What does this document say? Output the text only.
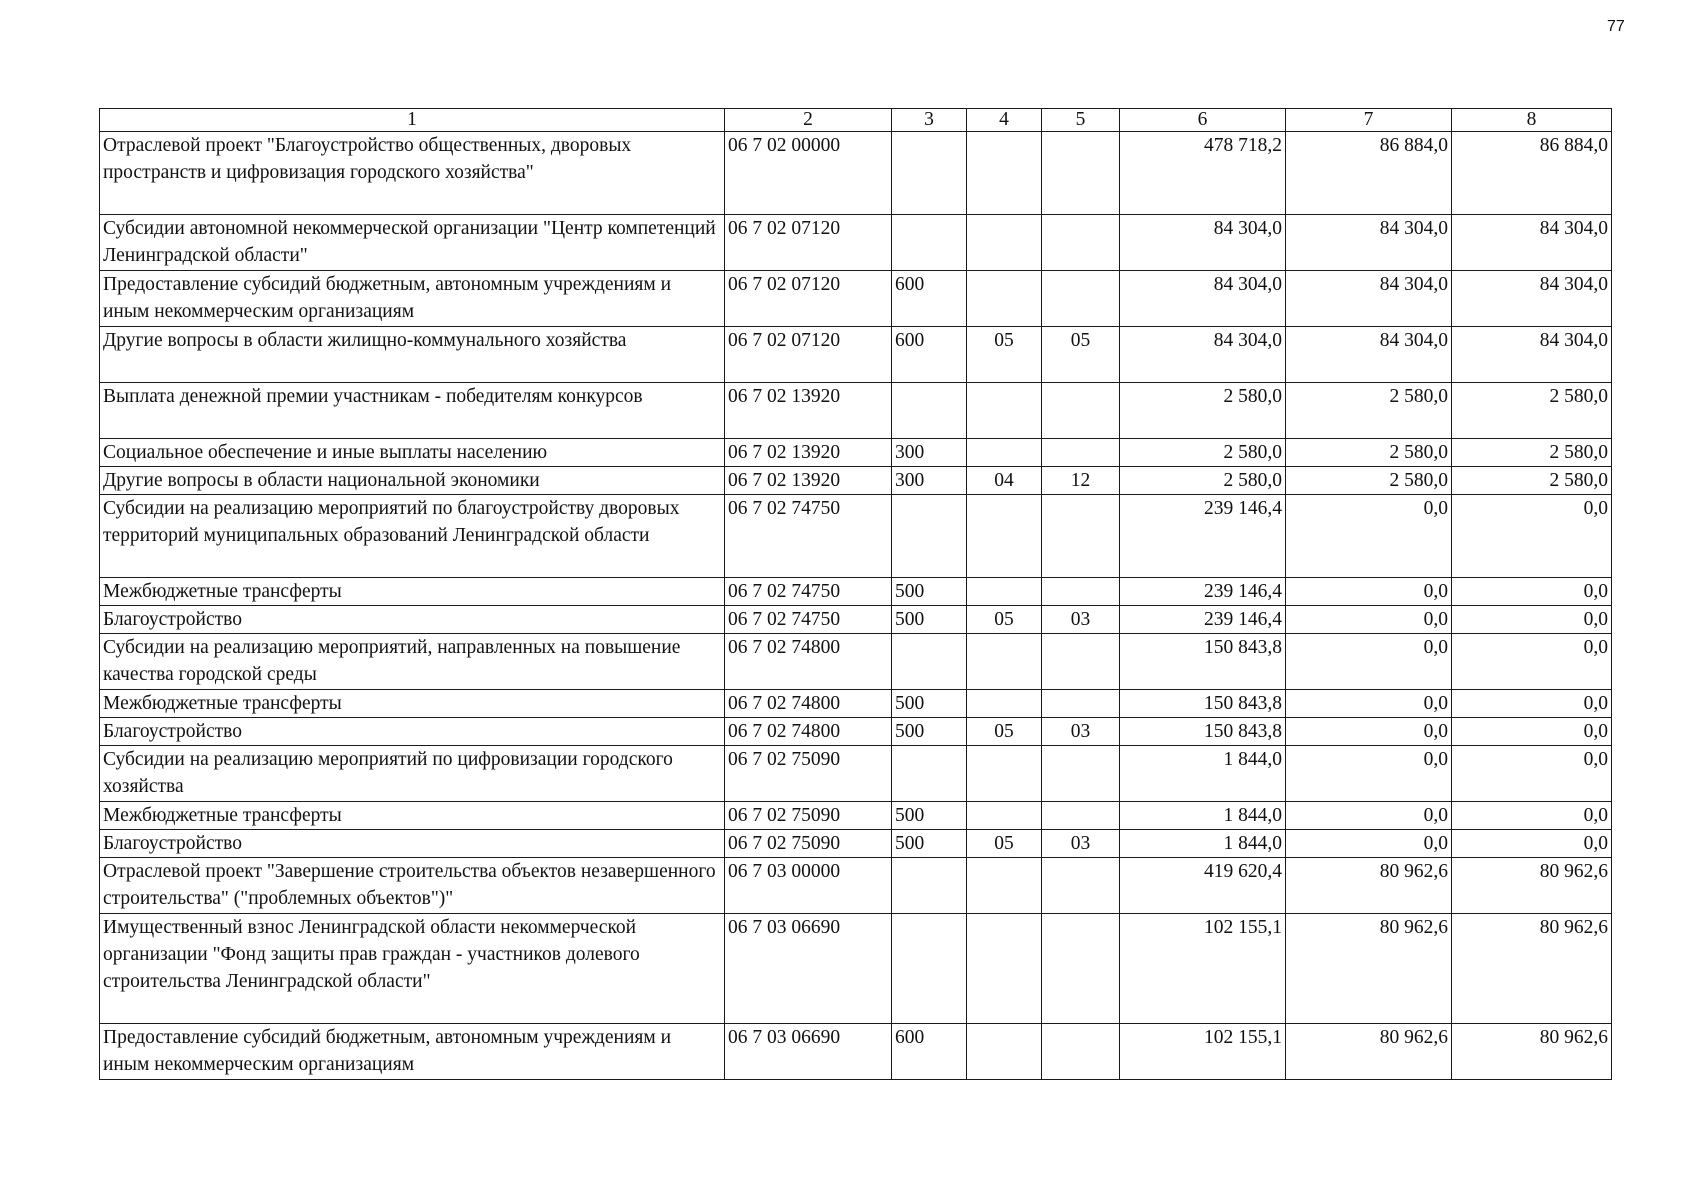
77
1	2	3	4	5	6	7	8
Отраслевой проект "Благоустройство общественных, дворовых пространств и цифровизация городского хозяйства"	06 7 02 00000				478 718,2	86 884,0	86 884,0
Субсидии автономной некоммерческой организации "Центр компетенций Ленинградской области"	06 7 02 07120				84 304,0	84 304,0	84 304,0
Предоставление субсидий бюджетным, автономным учреждениям и иным некоммерческим организациям	06 7 02 07120	600			84 304,0	84 304,0	84 304,0
Другие вопросы в области жилищно-коммунального хозяйства	06 7 02 07120	600	05	05	84 304,0	84 304,0	84 304,0
Выплата денежной премии участникам - победителям конкурсов	06 7 02 13920				2 580,0	2 580,0	2 580,0
Социальное обеспечение и иные выплаты населению	06 7 02 13920	300			2 580,0	2 580,0	2 580,0
Другие вопросы в области национальной экономики	06 7 02 13920	300	04	12	2 580,0	2 580,0	2 580,0
Субсидии на реализацию мероприятий по благоустройству дворовых территорий муниципальных образований Ленинградской области	06 7 02 74750				239 146,4	0,0	0,0
Межбюджетные трансферты	06 7 02 74750	500			239 146,4	0,0	0,0
Благоустройство	06 7 02 74750	500	05	03	239 146,4	0,0	0,0
Субсидии на реализацию мероприятий, направленных на повышение качества городской среды	06 7 02 74800				150 843,8	0,0	0,0
Межбюджетные трансферты	06 7 02 74800	500			150 843,8	0,0	0,0
Благоустройство	06 7 02 74800	500	05	03	150 843,8	0,0	0,0
Субсидии на реализацию мероприятий по цифровизации городского хозяйства	06 7 02 75090				1 844,0	0,0	0,0
Межбюджетные трансферты	06 7 02 75090	500			1 844,0	0,0	0,0
Благоустройство	06 7 02 75090	500	05	03	1 844,0	0,0	0,0
Отраслевой проект "Завершение строительства объектов незавершенного строительства" ("проблемных объектов")"	06 7 03 00000				419 620,4	80 962,6	80 962,6
Имущественный взнос Ленинградской области некоммерческой организации "Фонд защиты прав граждан - участников долевого строительства Ленинградской области"	06 7 03 06690				102 155,1	80 962,6	80 962,6
Предоставление субсидий бюджетным, автономным учреждениям и иным некоммерческим организациям	06 7 03 06690	600			102 155,1	80 962,6	80 962,6
